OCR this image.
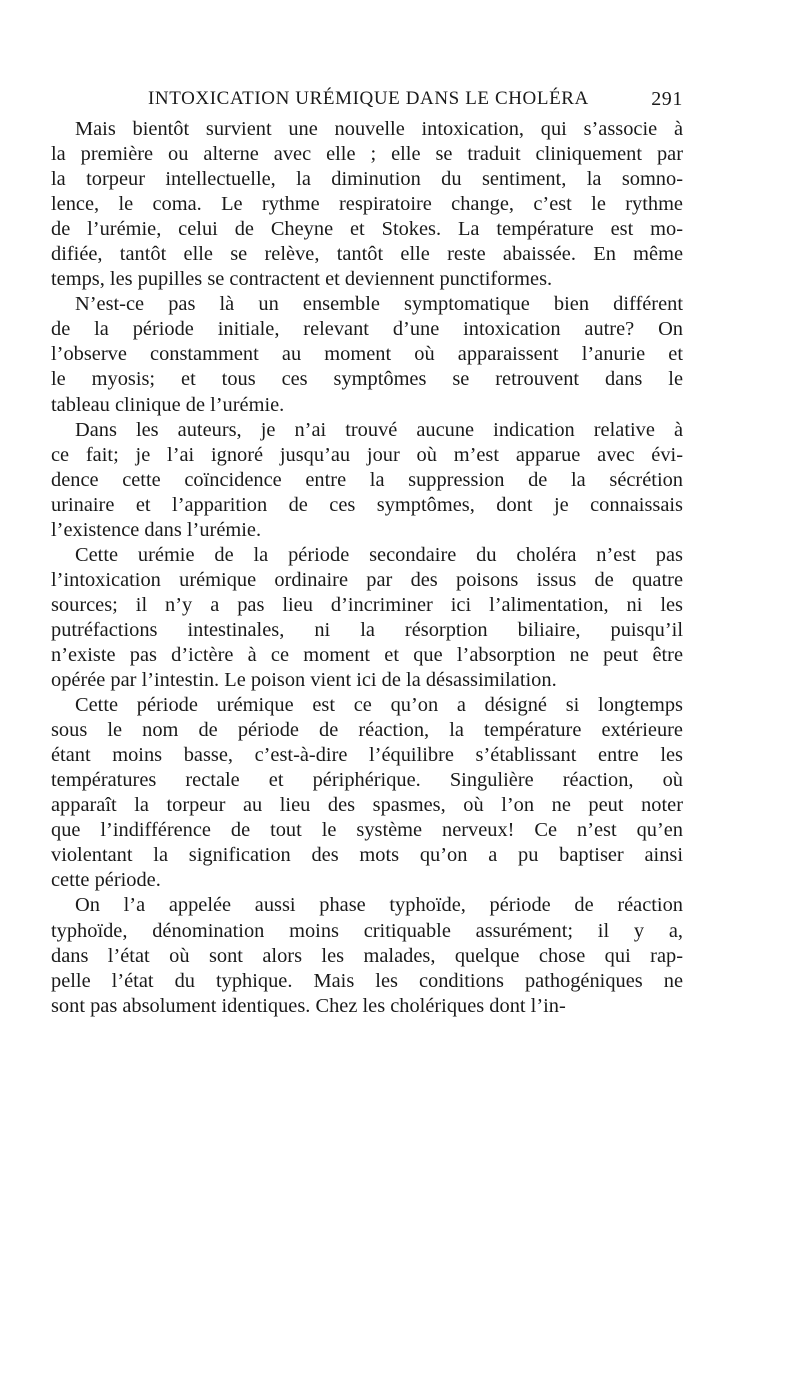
INTOXICATION URÉMIQUE DANS LE CHOLÉRA	291
Mais bientôt survient une nouvelle intoxication, qui s’associe à
la première ou alterne avec elle ; elle se traduit cliniquement par
la torpeur intellectuelle, la diminution du sentiment, la somno-
lence, le coma. Le rythme respiratoire change, c’est le rythme
de l’urémie, celui de Cheyne et Stokes. La température est mo-
difiée, tantôt elle se relève, tantôt elle reste abaissée. En même
temps, les pupilles se contractent et deviennent punctiformes.
N’est-ce pas là un ensemble symptomatique bien différent
de la période initiale, relevant d’une intoxication autre? On
l’observe constamment au moment où apparaissent l’anurie et
le myosis; et tous ces symptômes se retrouvent dans le
tableau clinique de l’urémie.
Dans les auteurs, je n’ai trouvé aucune indication relative à
ce fait; je l’ai ignoré jusqu’au jour où m’est apparue avec évi-
dence cette coïncidence entre la suppression de la sécrétion
urinaire et l’apparition de ces symptômes, dont je connaissais
l’existence dans l’urémie.
Cette urémie de la période secondaire du choléra n’est pas
l’intoxication urémique ordinaire par des poisons issus de quatre
sources; il n’y a pas lieu d’incriminer ici l’alimentation, ni les
putréfactions intestinales, ni la résorption biliaire, puisqu’il
n’existe pas d’ictère à ce moment et que l’absorption ne peut être
opérée par l’intestin. Le poison vient ici de la désassimilation.
Cette période urémique est ce qu’on a désigné si longtemps
sous le nom de période de réaction, la température extérieure
étant moins basse, c’est-à-dire l’équilibre s’établissant entre les
températures rectale et périphérique. Singulière réaction, où
apparaît la torpeur au lieu des spasmes, où l’on ne peut noter
que l’indifférence de tout le système nerveux! Ce n’est qu’en
violentant la signification des mots qu’on a pu baptiser ainsi
cette période.
On l’a appelée aussi phase typhoïde, période de réaction
typhoïde, dénomination moins critiquable assurément; il y a,
dans l’état où sont alors les malades, quelque chose qui rap-
pelle l’état du typhique. Mais les conditions pathogéniques ne
sont pas absolument identiques. Chez les cholériques dont l’in-
